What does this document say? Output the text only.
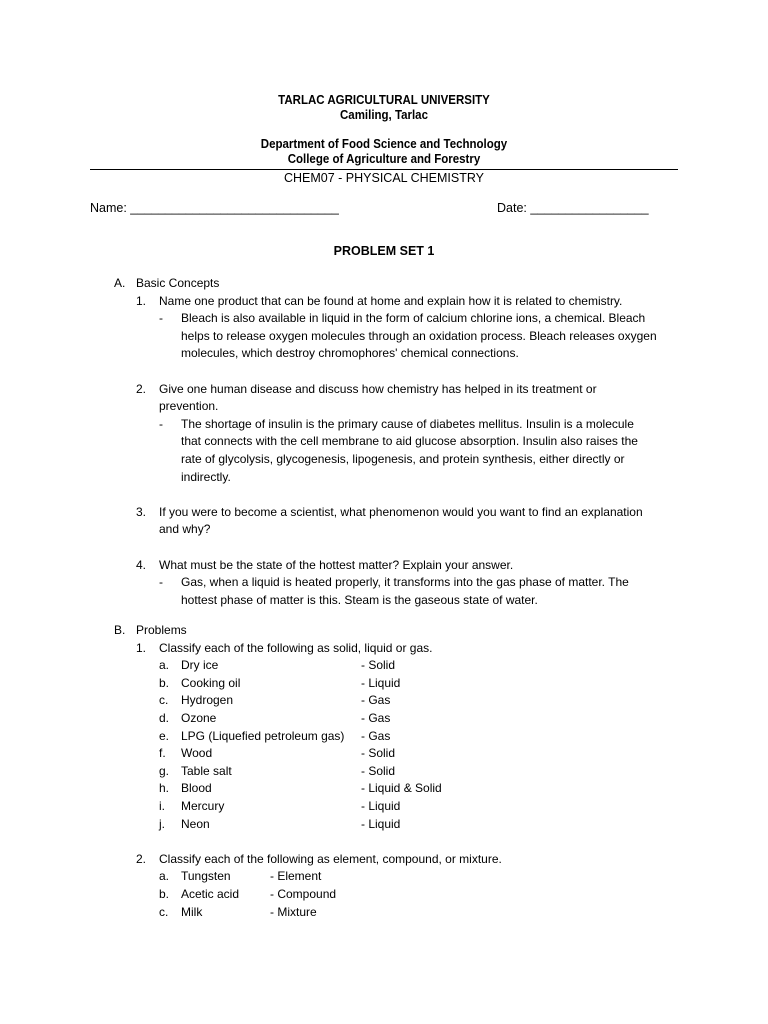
TARLAC AGRICULTURAL UNIVERSITY
Camiling, Tarlac
Department of Food Science and Technology
College of Agriculture and Forestry
CHEM07 - PHYSICAL CHEMISTRY
Name: ______________________________	Date: _________________
PROBLEM SET 1
A. Basic Concepts
1. Name one product that can be found at home and explain how it is related to chemistry.
- Bleach is also available in liquid in the form of calcium chlorine ions, a chemical. Bleach
helps to release oxygen molecules through an oxidation process. Bleach releases oxygen
molecules, which destroy chromophores' chemical connections.
2. Give one human disease and discuss how chemistry has helped in its treatment or
prevention.
- The shortage of insulin is the primary cause of diabetes mellitus. Insulin is a molecule
that connects with the cell membrane to aid glucose absorption. Insulin also raises the
rate of glycolysis, glycogenesis, lipogenesis, and protein synthesis, either directly or
indirectly.
3. If you were to become a scientist, what phenomenon would you want to find an explanation
and why?
4. What must be the state of the hottest matter? Explain your answer.
- Gas, when a liquid is heated properly, it transforms into the gas phase of matter. The
hottest phase of matter is this. Steam is the gaseous state of water.
B. Problems
1. Classify each of the following as solid, liquid or gas.
a. Dry ice	- Solid
b. Cooking oil	- Liquid
c. Hydrogen	- Gas
d. Ozone	- Gas
e. LPG (Liquefied petroleum gas) - Gas
f. Wood	- Solid
g. Table salt	- Solid
h. Blood	- Liquid & Solid
i. Mercury	- Liquid
j. Neon	- Liquid
2. Classify each of the following as element, compound, or mixture.
a. Tungsten	- Element
b. Acetic acid	- Compound
c. Milk	- Mixture
